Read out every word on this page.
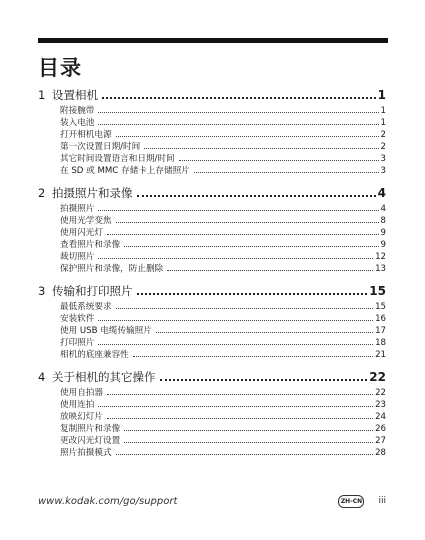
目录
1 设置相机	1
附接腕带	1
装入电池	1
打开相机电源	2
第一次设置日期/时间	2
其它时间设置语言和日期/时间	3
在 SD 或 MMC 存储卡上存储照片	3
2 拍摄照片和录像	4
拍摄照片	4
使用光学变焦	8
使用闪光灯	9
查看照片和录像	9
裁切照片	12
保护照片和录像，防止删除	13
3 传输和打印照片	15
最低系统要求	15
安装软件	16
使用 USB 电缆传输照片	17
打印照片	18
相机的底座兼容性	21
4 关于相机的其它操作	22
使用自拍器	22
使用连拍	23
放映幻灯片	24
复制照片和录像	26
更改闪光灯设置	27
照片拍摄模式	28
www.kodak.com/go/support	ZH-CN iii
